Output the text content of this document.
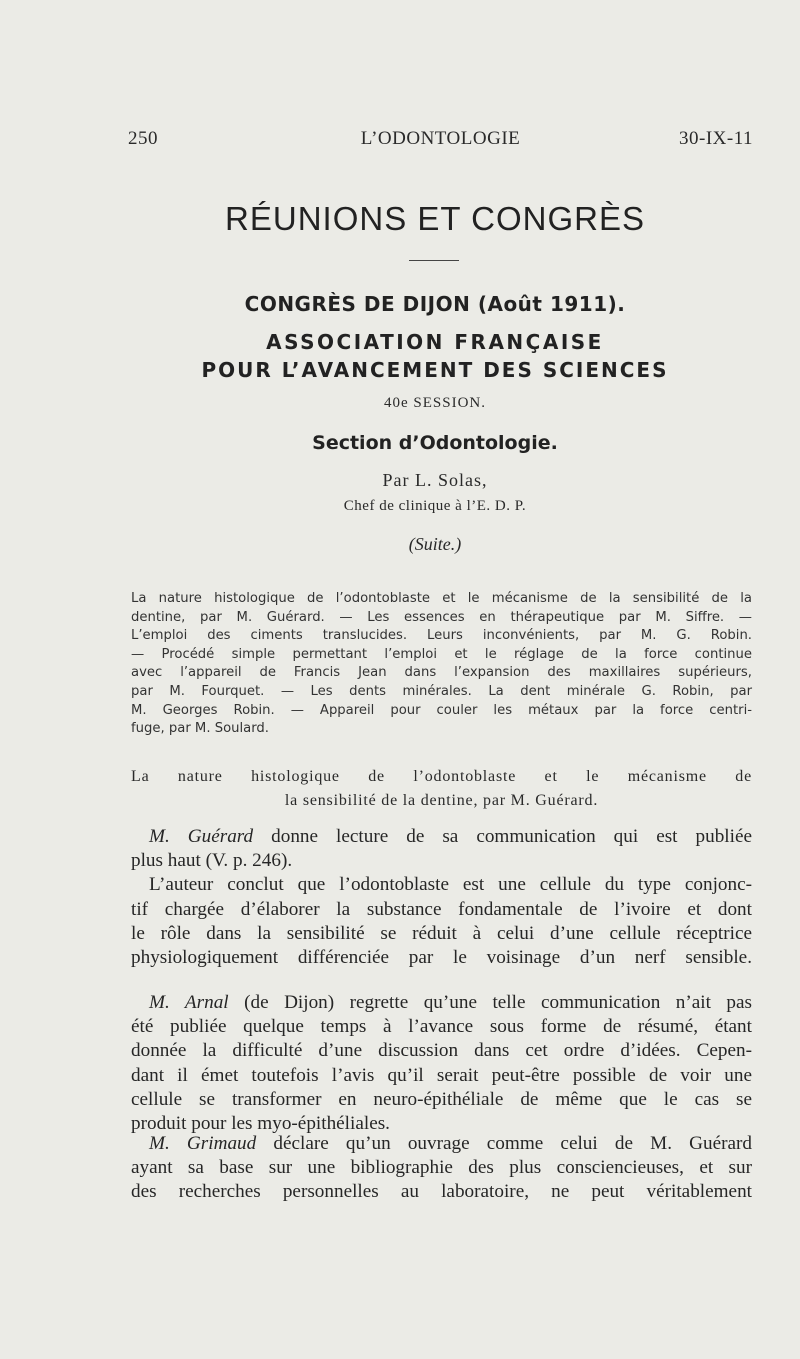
250	L’ODONTOLOGIE	30-IX-11
RÉUNIONS ET CONGRÈS
CONGRÈS DE DIJON (Août 1911).
ASSOCIATION FRANÇAISE
POUR L’AVANCEMENT DES SCIENCES
40e SESSION.
Section d’Odontologie.
Par L. Solas,
Chef de clinique à l’E. D. P.
(Suite.)
La nature histologique de l’odontoblaste et le mécanisme de la sensibilité de la
dentine, par M. Guérard. — Les essences en thérapeutique par M. Siffre. —
L’emploi des ciments translucides. Leurs inconvénients, par M. G. Robin.
— Procédé simple permettant l’emploi et le réglage de la force continue
avec l’appareil de Francis Jean dans l’expansion des maxillaires supérieurs,
par M. Fourquet. — Les dents minérales. La dent minérale G. Robin, par
M. Georges Robin. — Appareil pour couler les métaux par la force centri-
fuge, par M. Soulard.
La nature histologique de l’odontoblaste et le mécanisme de
la sensibilité de la dentine, par M. Guérard.
M. Guérard donne lecture de sa communication qui est publiée
plus haut (V. p. 246).
L’auteur conclut que l’odontoblaste est une cellule du type conjonc-
tif chargée d’élaborer la substance fondamentale de l’ivoire et dont
le rôle dans la sensibilité se réduit à celui d’une cellule réceptrice
physiologiquement différenciée par le voisinage d’un nerf sensible.
M. Arnal (de Dijon) regrette qu’une telle communication n’ait pas
été publiée quelque temps à l’avance sous forme de résumé, étant
donnée la difficulté d’une discussion dans cet ordre d’idées. Cepen-
dant il émet toutefois l’avis qu’il serait peut-être possible de voir une
cellule se transformer en neuro-épithéliale de même que le cas se
produit pour les myo-épithéliales.
M. Grimaud déclare qu’un ouvrage comme celui de M. Guérard
ayant sa base sur une bibliographie des plus consciencieuses, et sur
des recherches personnelles au laboratoire, ne peut véritablement
